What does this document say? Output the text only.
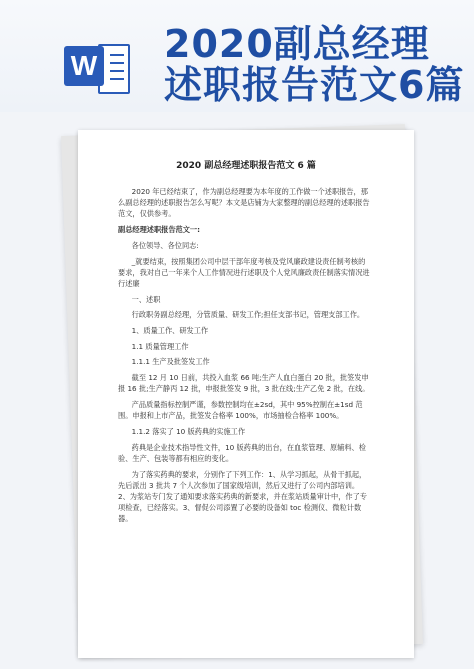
W 2020副总经理
述职报告范文6篇
2020 副总经理述职报告范文 6 篇

2020 年已经结束了，作为副总经理要为本年度的工作做一个述职报告，那么副总经理的述职报告怎么写呢？本文是店铺为大家整理的副总经理的述职报告范文，仅供参考。

副总经理述职报告范文一:

各位领导、各位同志:

_就要结束，按照集团公司中层干部年度考核及党风廉政建设责任制考核的要求，我对自己一年来个人工作情况进行述职及个人党风廉政责任制落实情况进行述廉

一、述职

行政职务副总经理，分管质量、研发工作;担任支部书记，管理支部工作。

1、质量工作、研发工作

1.1 质量管理工作

1.1.1 生产及批签发工作

截至 12 月 10 日前，共投入血浆 66 吨;生产人血白蛋白 20 批，批签发申报 16 批;生产静丙 12 批，申报批签发 9 批，3 批在线;生产乙免 2 批，在线。

产品质量指标控制严谨，参数控制均在±2sd，其中 95%控制在±1sd 范围。申报和上市产品，批签发合格率 100%，市场抽检合格率 100%。

1.1.2 落实了 10 版药典的实施工作

药典是企业技术指导性文件，10 版药典的出台，在血浆管理、原辅料、检验、生产、包装等都有相应的变化。

为了落实药典的要求，分别作了下列工作：1、从学习抓起，从骨干抓起，先后派出 3 批共 7 个人次参加了国家级培训，然后又进行了公司内部培训。2、为浆站专门发了通知要求落实药典的新要求，并在浆站质量审计中，作了专项检查，已经落实。3、督促公司添置了必要的设备如 toc 检测仪、微粒计数器。
